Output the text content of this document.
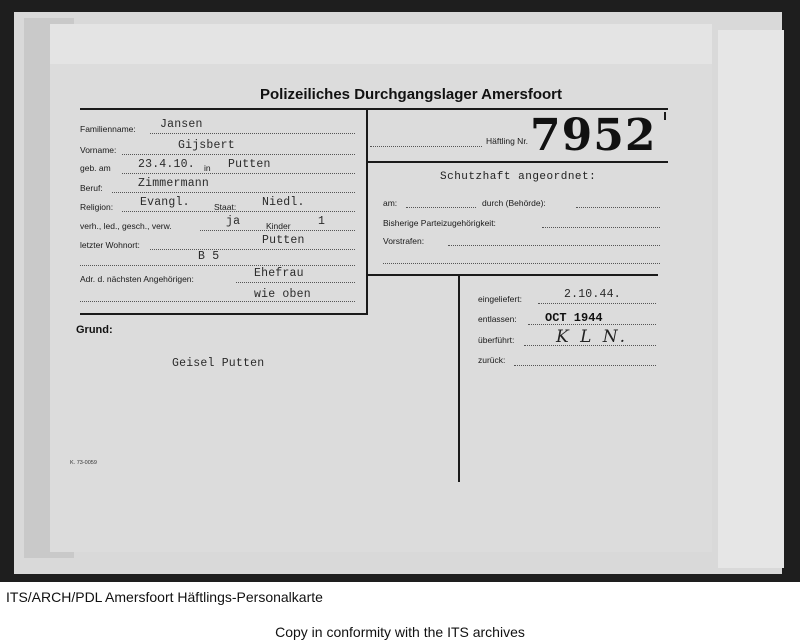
Polizeiliches Durchgangslager Amersfoort
Familienname: Jansen
Vorname:	Gijsbert
geb. am 23.4.10. in Putten
Beruf:	Zimmermann
Religion: Evangl.	Staat: Niedl.
verh., led., gesch., verw.	ja	Kinder 1
letzter Wohnort:	Putten
B 5
Adr. d. nächsten Angehörigen:	Ehefrau
wie oben
Häftling Nr. 7952
Schutzhaft angeordnet:
am:	durch (Behörde):
Bisherige Parteizugehörigkeit:
Vorstrafen:
eingeliefert:	2.10.44.
entlassen: OCT 1944
überführt: K L N.
zurück:
Grund:
Geisel Putten
K. 73-0059
ITS/ARCH/PDL Amersfoort Häftlings-Personalkarte
Copy in conformity with the ITS archives
